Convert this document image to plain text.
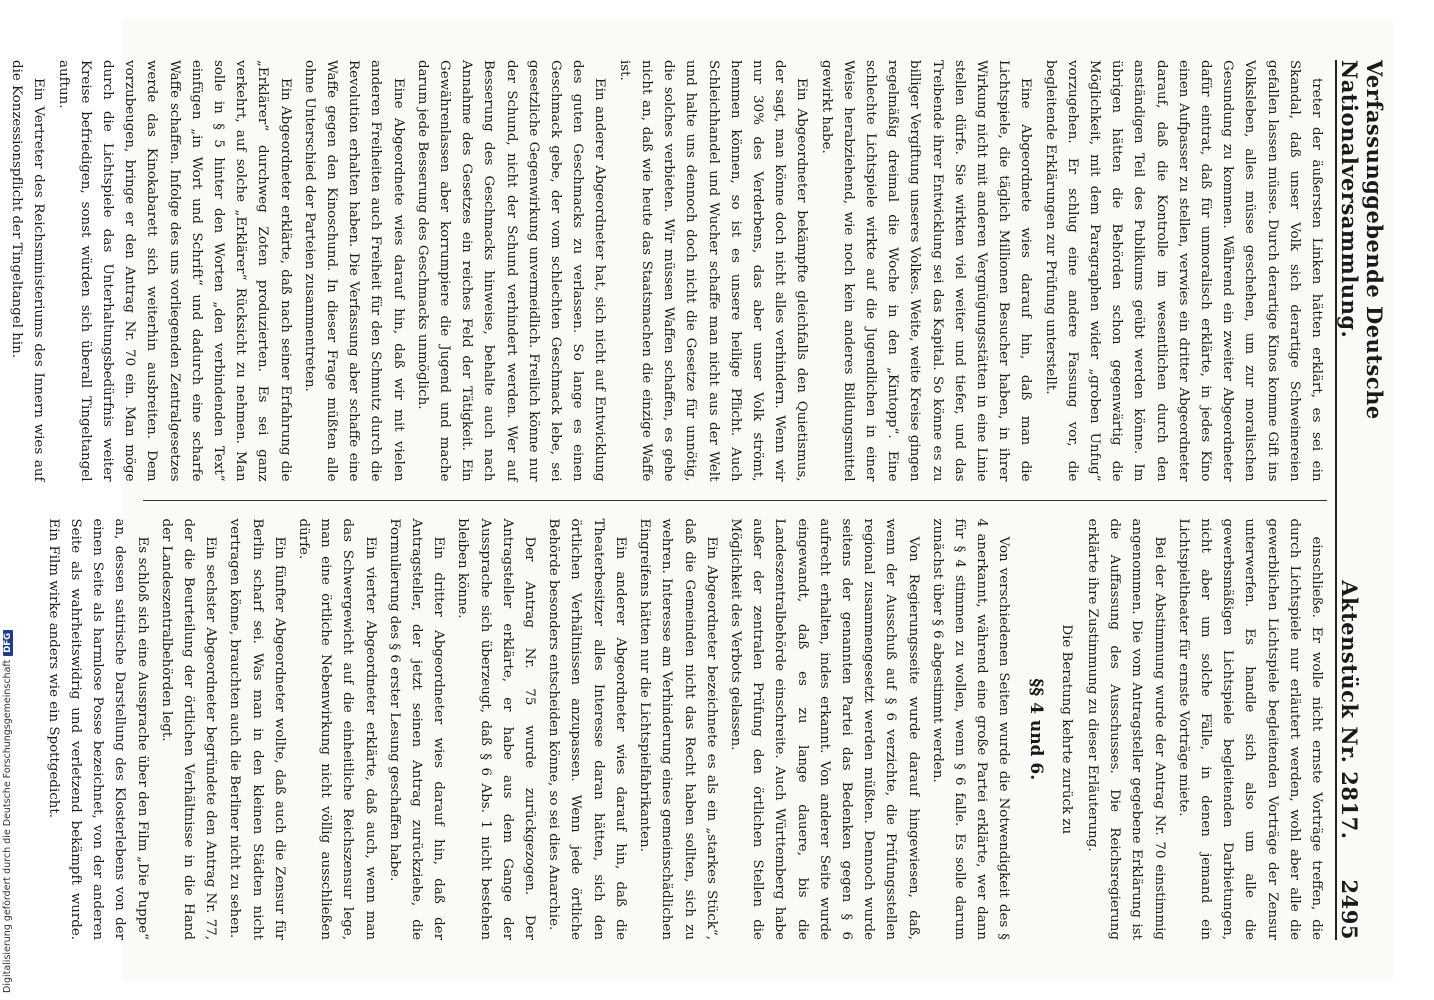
Verfassunggebende Deutsche Nationalversammlung.
Aktenstück Nr. 2817.
2495

treter der äußersten Linken hätten erklärt, es sei ein Skandal, daß unser Volk sich derartige Schweinereien gefallen lassen müsse. Durch derartige Kinos komme Gift ins Volksleben, alles müsse geschehen, um zur moralischen Gesundung zu kommen. Während ein zweiter Abgeordneter dafür eintrat, daß für unmoralisch erklärte, in jedes Kino einen Aufpasser zu stellen, verwies ein dritter Abgeordneter darauf, daß die Kontrolle im wesentlichen durch den anständigen Teil des Publikums geübt werden könne. Im übrigen hätten die Behörden schon gegenwärtig die Möglichkeit, mit dem Paragraphen wider „groben Unfug“ vorzugehen. Er schlug eine andere Fassung vor, die begleitende Erklärungen zur Prüfung unterstellt.

Eine Abgeordnete wies darauf hin, daß man die Lichtspiele, die täglich Millionen Besucher haben, in ihrer Wirkung nicht mit anderen Vergnügungsstätten in eine Linie stellen dürfe. Sie wirkten viel weiter und tiefer, und das Treibende ihrer Entwicklung sei das Kapital. So könne es zu billiger Vergiftung unseres Volkes. Weite, weite Kreise gingen regelmäßig dreimal die Woche in den „Kintopp“. Eine schlechte Lichtspiele wirkte auf die Jugendlichen in einer Weise herabziehend, wie noch kein anderes Bildungsmittel gewirkt habe.

Ein Abgeordneter bekämpfte gleichfalls den Quietismus, der sagt, man könne doch nicht alles verhindern. Wenn wir nur 30% des Verderbens, das aber unser Volk strömt, hemmen können, so ist es unsere heilige Pflicht. Auch Schleichhandel und Wucher schaffe man nicht aus der Welt und halte uns dennoch doch nicht die Gesetze für unnötig, die solches verbieten. Wir müssen Waffen schaffen, es gehe nicht an, daß wie heute das Staatsmachen die einzige Waffe ist.

Ein anderer Abgeordneter hat, sich nicht auf Entwicklung des guten Geschmacks zu verlassen. So lange es einen Geschmack gebe, der vom schlechten Geschmack lebe, sei gesetzliche Gegenwirkung unvermeidlich. Freilich könne nur der Schund, nicht der Schund verhindert werden. Wer auf Besserung des Geschmacks hinweise, behalte auch nach Annahme des Gesetzes ein reiches Feld der Tätigkeit. Ein Gewährenlassen aber korrumpiere die Jugend und mache darum jede Besserung des Geschmacks unmöglich.

Eine Abgeordnete wies darauf hin, daß wir mit vielen anderen Freiheiten auch Freiheit für den Schmutz durch die Revolution erhalten haben. Die Verfassung aber schaffe eine Waffe gegen den Kinoschund. In dieser Frage müßten alle ohne Unterschied der Parteien zusammentreten.

Ein Abgeordneter erklärte, daß nach seiner Erfahrung die „Erklärer“ durchweg Zoten produzierten. Es sei ganz verkehrt, auf solche „Erklärer“ Rücksicht zu nehmen. Man solle in § 5 hinter den Worten „den verbindenden Text“ einfügen „in Wort und Schrift“ und dadurch eine scharfe Waffe schaffen. Infolge des uns vorliegenden Zentralgesetzes werde das Kinokabarett sich weiterhin ausbreiten. Dem vorzubeugen, bringe er den Antrag Nr. 70 ein. Man möge durch die Lichtspiele das Unterhaltungsbedürfnis weiter Kreise befriedigen, sonst würden sich überall Tingeltangel auftun.

Ein Vertreter des Reichsministeriums des Innern wies auf die Konzessionspflicht der Tingeltangel hin.

einschließe. Er wolle nicht ernste Vorträge treffen, die durch Lichtspiele nur erläutert werden, wohl aber alle die gewerblichen Lichtspiele begleitenden Vorträge der Zensur unterwerfen. Es handle sich also um alle die gewerbsmäßigen Lichtspiele begleitenden Darbietungen, nicht aber um solche Fälle, in denen jemand ein Lichtspieltheater für ernste Vorträge miete.

Bei der Abstimmung wurde der Antrag Nr. 70 einstimmig angenommen. Die vom Antragsteller gegebene Erklärung ist die Auffassung des Ausschusses. Die Reichsregierung erklärte ihre Zustimmung zu dieser Erläuterung.

Die Beratung kehrte zurück zu

§§ 4 und 6.

Von verschiedenen Seiten wurde die Notwendigkeit des § 4 anerkannt, während eine große Partei erklärte, wer dann für § 4 stimmen zu wollen, wenn § 6 falle. Es solle darum zunächst über § 6 abgestimmt werden.

Von Regierungsseite wurde darauf hingewiesen, daß, wenn der Ausschuß auf § 6 verzichte, die Prüfungsstellen regional zusammengesetzt werden müßten. Dennoch wurde seitens der genannten Partei das Bedenken gegen § 6 aufrecht erhalten, indes erkannt. Von anderer Seite wurde eingewandt, daß es zu lange dauere, bis die Landeszentralbehörde einschreite. Auch Württemberg habe außer der zentralen Prüfung den örtlichen Stellen die Möglichkeit des Verbots gelassen.

Ein Abgeordneter bezeichnete es als ein „starkes Stück“, daß die Gemeinden nicht das Recht haben sollten, sich zu wehren. Interesse am Verhinderung eines gemeinschädlichen Eingreifens hätten nur die Lichtspielfabrikanten.

Ein anderer Abgeordneter wies darauf hin, daß die Theaterbesitzer alles Interesse daran hätten, sich den örtlichen Verhältnissen anzupassen. Wenn jede örtliche Behörde besonders entscheiden könne, so sei dies Anarchie.

Der Antrag Nr. 75 wurde zurückgezogen. Der Antragsteller erklärte, er habe aus dem Gange der Aussprache sich überzeugt, daß § 6 Abs. 1 nicht bestehen bleiben könne.

Ein dritter Abgeordneter wies darauf hin, daß der Antragsteller, der jetzt seinen Antrag zurückziehe, die Formulierung des § 6 erster Lesung geschaffen habe.

Ein vierter Abgeordneter erklärte, daß auch, wenn man das Schwergewicht auf die einheitliche Reichszensur lege, man eine örtliche Nebenwirkung nicht völlig ausschließen dürfe.

Ein fünfter Abgeordneter wollte, daß auch die Zensur für Berlin scharf sei. Was man in den kleinen Städten nicht vertragen könne, brauchten auch die Berliner nicht zu sehen.

Ein sechster Abgeordneter begründete den Antrag Nr. 77, der die Beurteilung der örtlichen Verhältnisse in die Hand der Landeszentralbehörden legt.

Es schloß sich eine Aussprache über den Film „Die Puppe“ an, dessen satirische Darstellung des Klosterlebens von der einen Seite als harmlose Posse bezeichnet, von der anderen Seite als wahrheitswidrig und verletzend bekämpft wurde. Ein Film wirke anders wie ein Spottgedicht.

Digitalisierung gefördert durch die Deutsche Forschungsgemeinschaft
DFG
